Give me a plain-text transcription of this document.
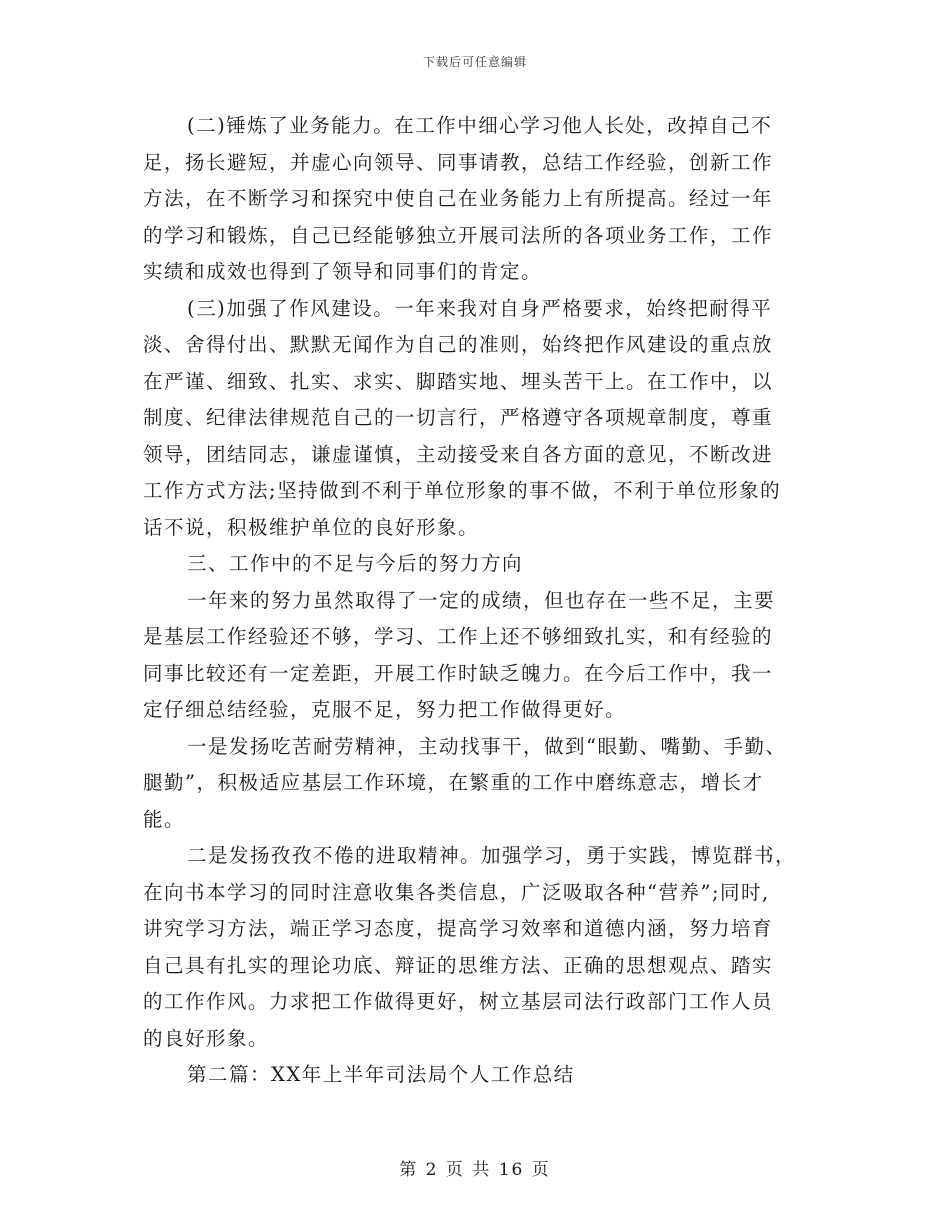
下载后可任意编辑
(二)锤炼了业务能力。在工作中细心学习他人长处，改掉自己不
足，扬长避短，并虚心向领导、同事请教，总结工作经验，创新工作
方法，在不断学习和探究中使自己在业务能力上有所提高。经过一年
的学习和锻炼，自己已经能够独立开展司法所的各项业务工作，工作
实绩和成效也得到了领导和同事们的肯定。
(三)加强了作风建设。一年来我对自身严格要求，始终把耐得平
淡、舍得付出、默默无闻作为自己的准则，始终把作风建设的重点放
在严谨、细致、扎实、求实、脚踏实地、埋头苦干上。在工作中，以
制度、纪律法律规范自己的一切言行，严格遵守各项规章制度，尊重
领导，团结同志，谦虚谨慎，主动接受来自各方面的意见，不断改进
工作方式方法;坚持做到不利于单位形象的事不做，不利于单位形象的
话不说，积极维护单位的良好形象。
三、工作中的不足与今后的努力方向
一年来的努力虽然取得了一定的成绩，但也存在一些不足，主要
是基层工作经验还不够，学习、工作上还不够细致扎实，和有经验的
同事比较还有一定差距，开展工作时缺乏魄力。在今后工作中，我一
定仔细总结经验，克服不足，努力把工作做得更好。
一是发扬吃苦耐劳精神，主动找事干，做到“眼勤、嘴勤、手勤、
腿勤”，积极适应基层工作环境，在繁重的工作中磨练意志，增长才
能。
二是发扬孜孜不倦的进取精神。加强学习，勇于实践，博览群书，
在向书本学习的同时注意收集各类信息，广泛吸取各种“营养”;同时,
讲究学习方法，端正学习态度，提高学习效率和道德内涵，努力培育
自己具有扎实的理论功底、辩证的思维方法、正确的思想观点、踏实
的工作作风。力求把工作做得更好，树立基层司法行政部门工作人员
的良好形象。
第二篇：XX年上半年司法局个人工作总结
第 2 页 共 16 页
